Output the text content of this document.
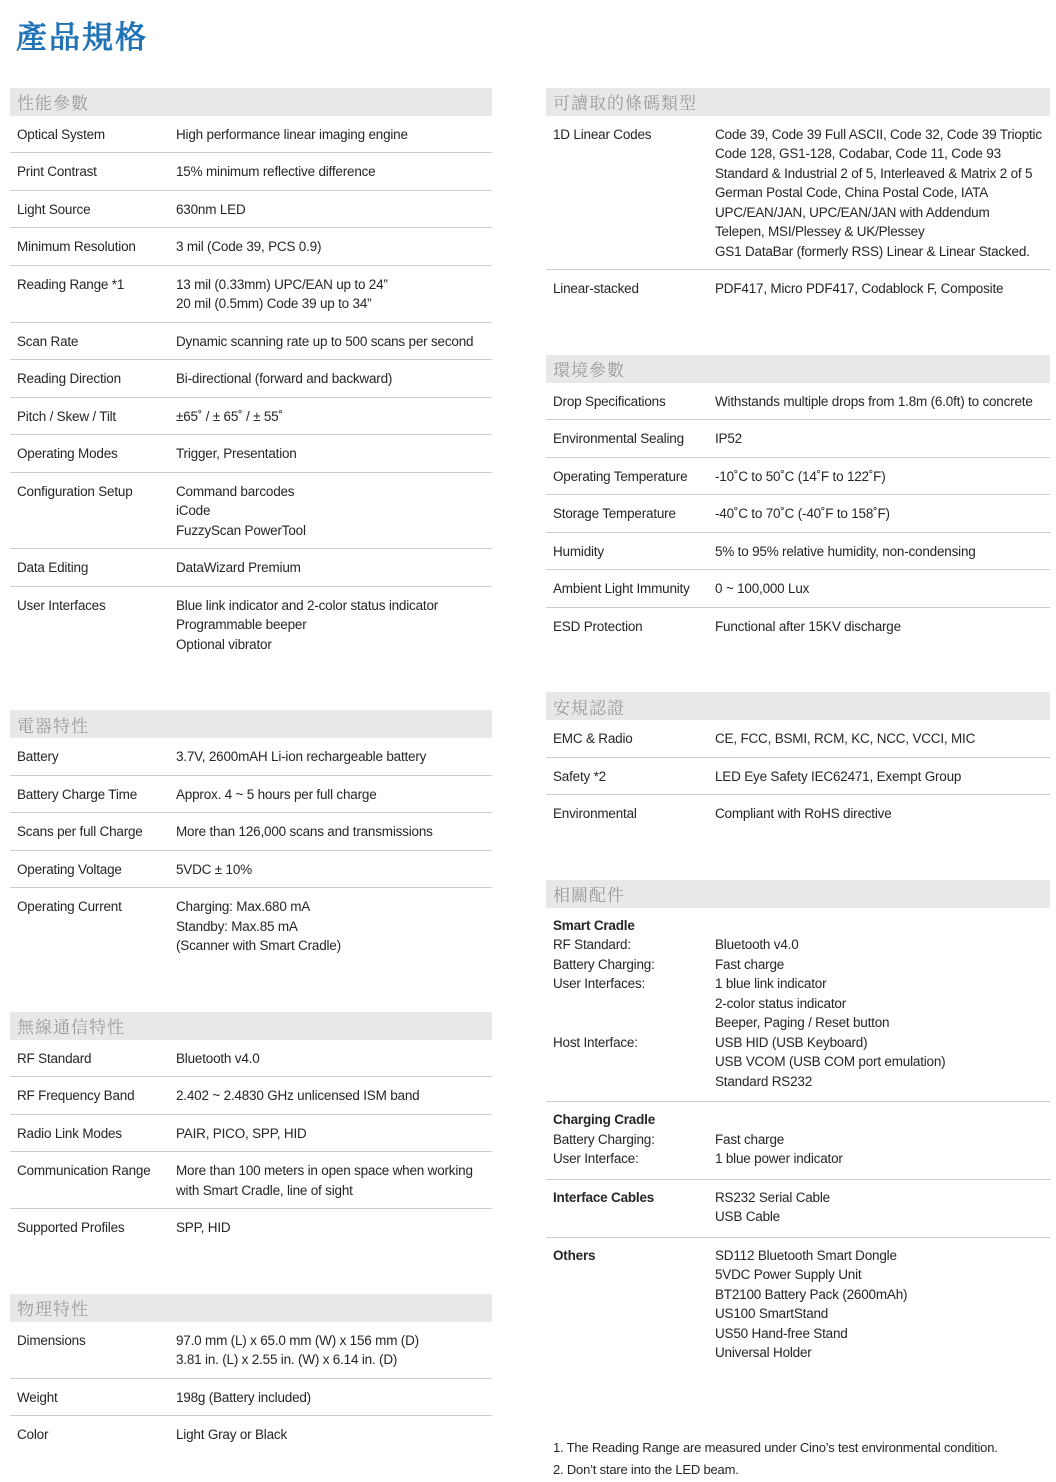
產品規格
性能參數
Optical System	High performance linear imaging engine
Print Contrast	15% minimum reflective difference
Light Source	630nm LED
Minimum Resolution	3 mil (Code 39, PCS 0.9)
Reading Range *1	13 mil (0.33mm) UPC/EAN up to 24”
20 mil (0.5mm) Code 39 up to 34”
Scan Rate	Dynamic scanning rate up to 500 scans per second
Reading Direction	Bi-directional (forward and backward)
Pitch / Skew / Tilt	±65˚ / ± 65˚ / ± 55˚
Operating Modes	Trigger, Presentation
Configuration Setup	Command barcodes
iCode
FuzzyScan PowerTool
Data Editing	DataWizard Premium
User Interfaces	Blue link indicator and 2-color status indicator
Programmable beeper
Optional vibrator
電器特性
Battery	3.7V, 2600mAH Li-ion rechargeable battery
Battery Charge Time	Approx. 4 ~ 5 hours per full charge
Scans per full Charge	More than 126,000 scans and transmissions
Operating Voltage	5VDC ± 10%
Operating Current	Charging: Max.680 mA
Standby: Max.85 mA
(Scanner with Smart Cradle)
無線通信特性
RF Standard	Bluetooth v4.0
RF Frequency Band	2.402 ~ 2.4830 GHz unlicensed ISM band
Radio Link Modes	PAIR, PICO, SPP, HID
Communication Range	More than 100 meters in open space when working
with Smart Cradle, line of sight
Supported Profiles	SPP, HID
物理特性
Dimensions	97.0 mm (L) x 65.0 mm (W) x 156 mm (D)
3.81 in. (L) x 2.55 in. (W) x 6.14 in. (D)
Weight	198g (Battery included)
Color	Light Gray or Black
可讀取的條碼類型
1D Linear Codes	Code 39, Code 39 Full ASCII, Code 32, Code 39 Trioptic
Code 128, GS1-128, Codabar, Code 11, Code 93
Standard & Industrial 2 of 5, Interleaved & Matrix 2 of 5
German Postal Code, China Postal Code, IATA
UPC/EAN/JAN, UPC/EAN/JAN with Addendum
Telepen, MSI/Plessey & UK/Plessey
GS1 DataBar (formerly RSS) Linear & Linear Stacked.
Linear-stacked	PDF417, Micro PDF417, Codablock F, Composite
環境參數
Drop Specifications	Withstands multiple drops from 1.8m (6.0ft) to concrete
Environmental Sealing	IP52
Operating Temperature	-10˚C to 50˚C (14˚F to 122˚F)
Storage Temperature	-40˚C to 70˚C (-40˚F to 158˚F)
Humidity	5% to 95% relative humidity, non-condensing
Ambient Light Immunity	0 ~ 100,000 Lux
ESD Protection	Functional after 15KV discharge
安規認證
EMC & Radio	CE, FCC, BSMI, RCM, KC, NCC, VCCI, MIC
Safety *2	LED Eye Safety IEC62471, Exempt Group
Environmental	Compliant with RoHS directive
相關配件
Smart Cradle
RF Standard:	Bluetooth v4.0
Battery Charging:	Fast charge
User Interfaces:	1 blue link indicator
2-color status indicator
Beeper, Paging / Reset button
Host Interface:	USB HID (USB Keyboard)
USB VCOM (USB COM port emulation)
Standard RS232
Charging Cradle
Battery Charging:	Fast charge
User Interface:	1 blue power indicator
Interface Cables	RS232 Serial Cable
USB Cable
Others	SD112 Bluetooth Smart Dongle
5VDC Power Supply Unit
BT2100 Battery Pack (2600mAh)
US100 SmartStand
US50 Hand-free Stand
Universal Holder
1. The Reading Range are measured under Cino’s test environmental condition.
2. Don’t stare into the LED beam.
